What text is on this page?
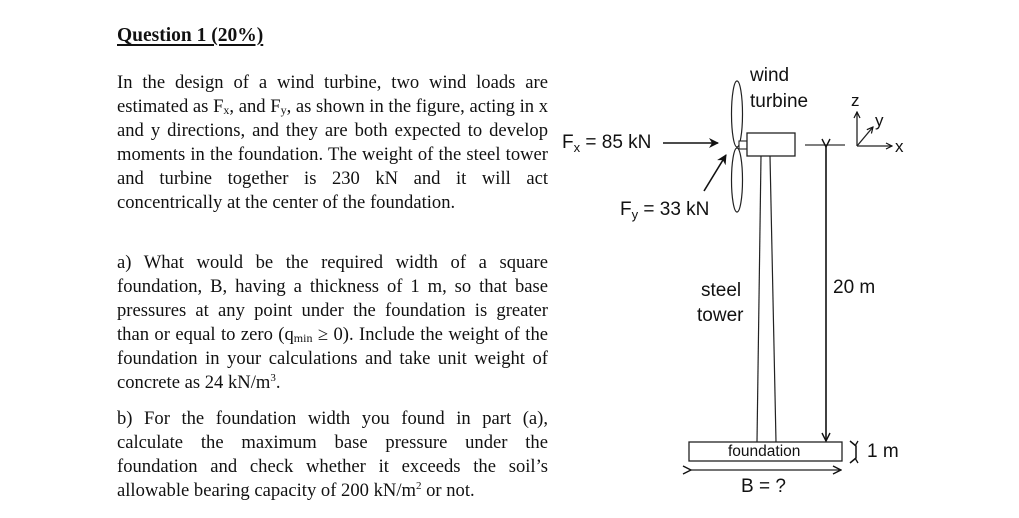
Question 1 (20%)

In the design of a wind turbine, two wind loads are estimated as $F_x$, and $F_y$, as shown in the figure, acting in x and y directions, and they are both expected to develop moments in the foundation. The weight of the steel tower and turbine together is 230 kN and it will act concentrically at the center of the foundation.

a) What would be the required width of a square foundation, B, having a thickness of 1 m, so that base pressures at any point under the foundation is greater than or equal to zero $(q_{min} \ge 0)$. Include the weight of the foundation in your calculations and take unit weight of concrete as 24 $kN/m^3$.

b) For the foundation width you found in part (a), calculate the maximum base pressure under the foundation and check whether it exceeds the soil’s allowable bearing capacity of 200 $kN/m^2$ or not.

wind
turbine
$F_x = 85$ kN
$F_y = 33$ kN
steel
tower
20 m
foundation	1 m
B = ?
z
y
x
